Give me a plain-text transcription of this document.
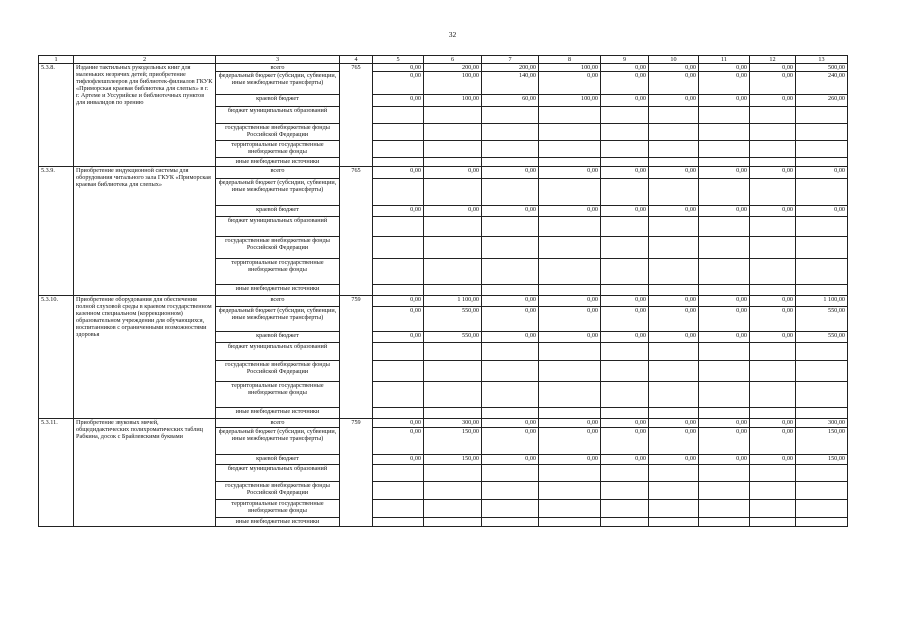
32
1	2	3	4	5	6	7	8	9	10	11	12	13
5.3.8.	Издание тактильных рукодельных книг для маленьких незрячих детей; приобретение тифлофлешплееров для библиотек-филиалов ГКУК «Приморская краевая библиотека для слепых» в г. г. Артеме и Уссурийске и библиотечных пунктов для инвалидов по зрению	всего	765	0,00	200,00	200,00	100,00	0,00	0,00	0,00	0,00	500,00
		федеральный бюджет (субсидии, субвенции, иные межбюджетные трансферты)		0,00	100,00	140,00	0,00	0,00	0,00	0,00	0,00	240,00
		краевой бюджет		0,00	100,00	60,00	100,00	0,00	0,00	0,00	0,00	260,00
		бюджет муниципальных образований										
		государственные внебюджетные фонды Российской Федерации										
		территориальные государственные внебюджетные фонды										
		иные внебюджетные источники										
5.3.9.	Приобретение индукционной системы для оборудования читального зала ГКУК «Приморская краевая библиотека для слепых»	всего	765	0,00	0,00	0,00	0,00	0,00	0,00	0,00	0,00	0,00
		федеральный бюджет (субсидии, субвенции, иные межбюджетные трансферты)										
		краевой бюджет		0,00	0,00	0,00	0,00	0,00	0,00	0,00	0,00	0,00
		бюджет муниципальных образований										
		государственные внебюджетные фонды Российской Федерации										
		территориальные государственные внебюджетные фонды										
		иные внебюджетные источники										
5.3.10.	Приобретение оборудования для обеспечения полной слуховой среды в краевом государственном казенном специальном (коррекционном) образовательном учреждении для обучающихся, воспитанников с ограниченными возможностями здоровья	всего	759	0,00	1 100,00	0,00	0,00	0,00	0,00	0,00	0,00	1 100,00
		федеральный бюджет (субсидии, субвенции, иные межбюджетные трансферты)		0,00	550,00	0,00	0,00	0,00	0,00	0,00	0,00	550,00
		краевой бюджет		0,00	550,00	0,00	0,00	0,00	0,00	0,00	0,00	550,00
		бюджет муниципальных образований										
		государственные внебюджетные фонды Российской Федерации										
		территориальные государственные внебюджетные фонды										
		иные внебюджетные источники										
5.3.11.	Приобретение звуковых мячей, общедидактических полихроматических таблиц Рабкина, досок с Брайлевскими буквами	всего	759	0,00	300,00	0,00	0,00	0,00	0,00	0,00	0,00	300,00
		федеральный бюджет (субсидии, субвенции, иные межбюджетные трансферты)		0,00	150,00	0,00	0,00	0,00	0,00	0,00	0,00	150,00
		краевой бюджет		0,00	150,00	0,00	0,00	0,00	0,00	0,00	0,00	150,00
		бюджет муниципальных образований										
		государственные внебюджетные фонды Российской Федерации										
		территориальные государственные внебюджетные фонды										
		иные внебюджетные источники										
